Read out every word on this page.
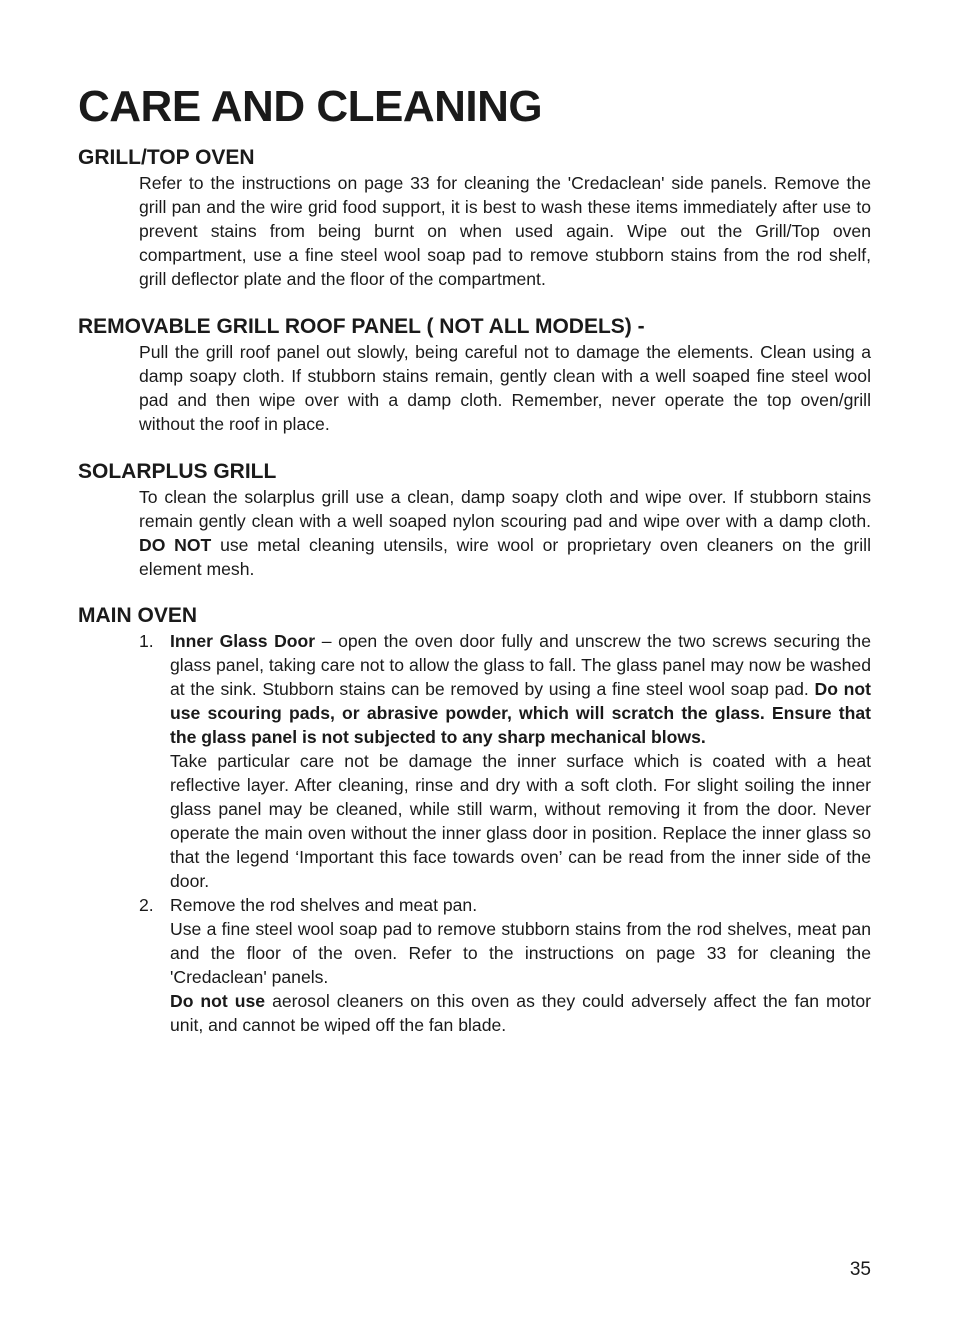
CARE AND CLEANING
GRILL/TOP OVEN

Refer to the instructions on page 33 for cleaning the 'Credaclean' side panels. Remove the grill pan and the wire grid food support, it is best to wash these items immediately after use to prevent stains from being burnt on when used again. Wipe out the Grill/Top oven compartment, use a fine steel wool soap pad to remove stubborn stains from the rod shelf, grill deflector plate and the floor of the compartment.

REMOVABLE GRILL ROOF PANEL ( NOT ALL MODELS) -

Pull the grill roof panel out slowly, being careful not to damage the elements. Clean using a damp soapy cloth. If stubborn stains remain, gently clean with a well soaped fine steel wool pad and then wipe over with a damp cloth. Remember, never operate the top oven/grill without the roof in place.

SOLARPLUS GRILL

To clean the solarplus grill use a clean, damp soapy cloth and wipe over. If stubborn stains remain gently clean with a well soaped nylon scouring pad and wipe over with a damp cloth. DO NOT use metal cleaning utensils, wire wool or proprietary oven cleaners on the grill element mesh.

MAIN OVEN
1. Inner Glass Door – open the oven door fully and unscrew the two screws securing the glass panel, taking care not to allow the glass to fall. The glass panel may now be washed at the sink. Stubborn stains can be removed by using a fine steel wool soap pad. Do not use scouring pads, or abrasive powder, which will scratch the glass. Ensure that the glass panel is not subjected to any sharp mechanical blows.

Take particular care not be damage the inner surface which is coated with a heat reflective layer. After cleaning, rinse and dry with a soft cloth. For slight soiling the inner glass panel may be cleaned, while still warm, without removing it from the door. Never operate the main oven without the inner glass door in position. Replace the inner glass so that the legend ‘Important this face towards oven’ can be read from the inner side of the door.

2. Remove the rod shelves and meat pan.

Use a fine steel wool soap pad to remove stubborn stains from the rod shelves, meat pan and the floor of the oven. Refer to the instructions on page 33 for cleaning the 'Credaclean' panels.

Do not use aerosol cleaners on this oven as they could adversely affect the fan motor unit, and cannot be wiped off the fan blade.

35
